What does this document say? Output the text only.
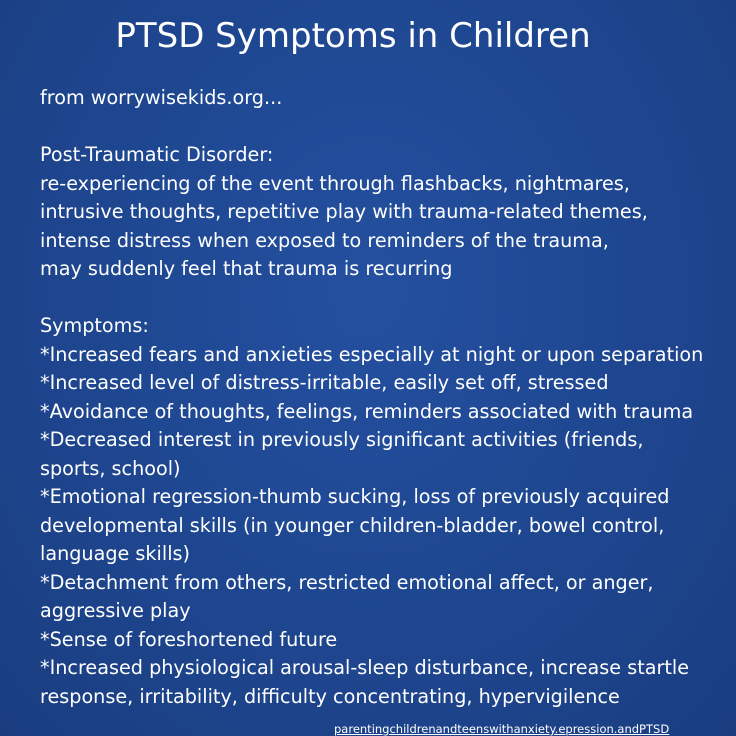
PTSD Symptoms in Children
from worrywisekids.org...
Post-Traumatic Disorder:
re-experiencing of the event through flashbacks, nightmares,
intrusive thoughts, repetitive play with trauma-related themes,
intense distress when exposed to reminders of the trauma,
may suddenly feel that trauma is recurring
Symptoms:
*Increased fears and anxieties especially at night or upon separation
*Increased level of distress-irritable, easily set off, stressed
*Avoidance of thoughts, feelings, reminders associated with trauma
*Decreased interest in previously significant activities (friends,
sports, school)
*Emotional regression-thumb sucking, loss of previously acquired
developmental skills (in younger children-bladder, bowel control,
language skills)
*Detachment from others, restricted emotional affect, or anger,
aggressive play
*Sense of foreshortened future
*Increased physiological arousal-sleep disturbance, increase startle
response, irritability, difficulty concentrating, hypervigilence
parentingchildrenandteenswithanxiety.epression.andPTSD
